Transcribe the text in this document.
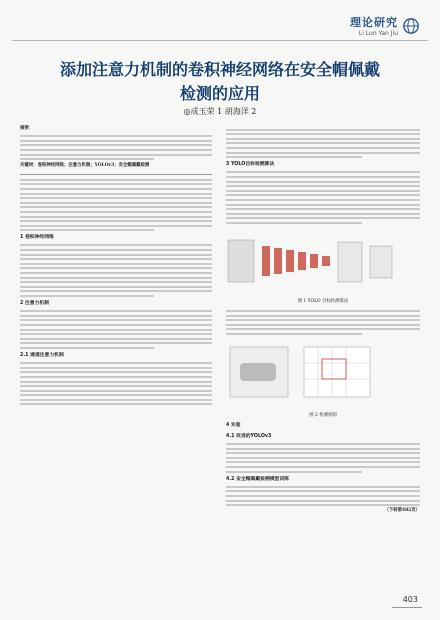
理论研究
Li Lun Yan Jiu
添加注意力机制的卷积神经网络在安全帽佩戴
检测的应用
◎成玉荣 1 胡海洋 2
摘要：
关键词：卷积神经网络；注意力机制；YOLOv3；安全帽佩戴检测
1 卷积神经网络
2 注意力机制
2.1 通道注意力机制
3 YOLO目标检测算法
图 1 YOLO 目标检测算法
图 2 检测机制
4 实验
4.1 改进的YOLOv3
4.2 安全帽佩戴检测模型训练
（下转第482页）
403
